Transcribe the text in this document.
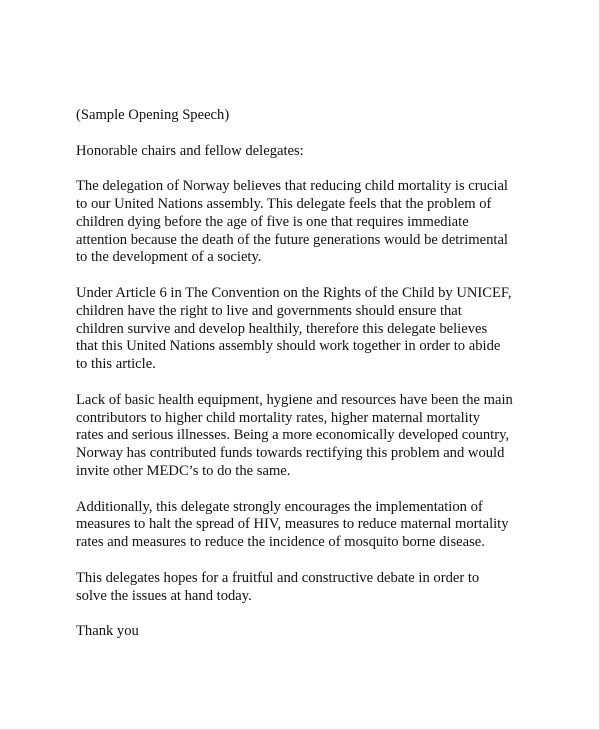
(Sample Opening Speech)

Honorable chairs and fellow delegates:

The delegation of Norway believes that reducing child mortality is crucial
to our United Nations assembly. This delegate feels that the problem of
children dying before the age of five is one that requires immediate
attention because the death of the future generations would be detrimental
to the development of a society.

Under Article 6 in The Convention on the Rights of the Child by UNICEF,
children have the right to live and governments should ensure that
children survive and develop healthily, therefore this delegate believes
that this United Nations assembly should work together in order to abide
to this article.

Lack of basic health equipment, hygiene and resources have been the main
contributors to higher child mortality rates, higher maternal mortality
rates and serious illnesses. Being a more economically developed country,
Norway has contributed funds towards rectifying this problem and would
invite other MEDC’s to do the same.

Additionally, this delegate strongly encourages the implementation of
measures to halt the spread of HIV, measures to reduce maternal mortality
rates and measures to reduce the incidence of mosquito borne disease.

This delegates hopes for a fruitful and constructive debate in order to
solve the issues at hand today.

Thank you
